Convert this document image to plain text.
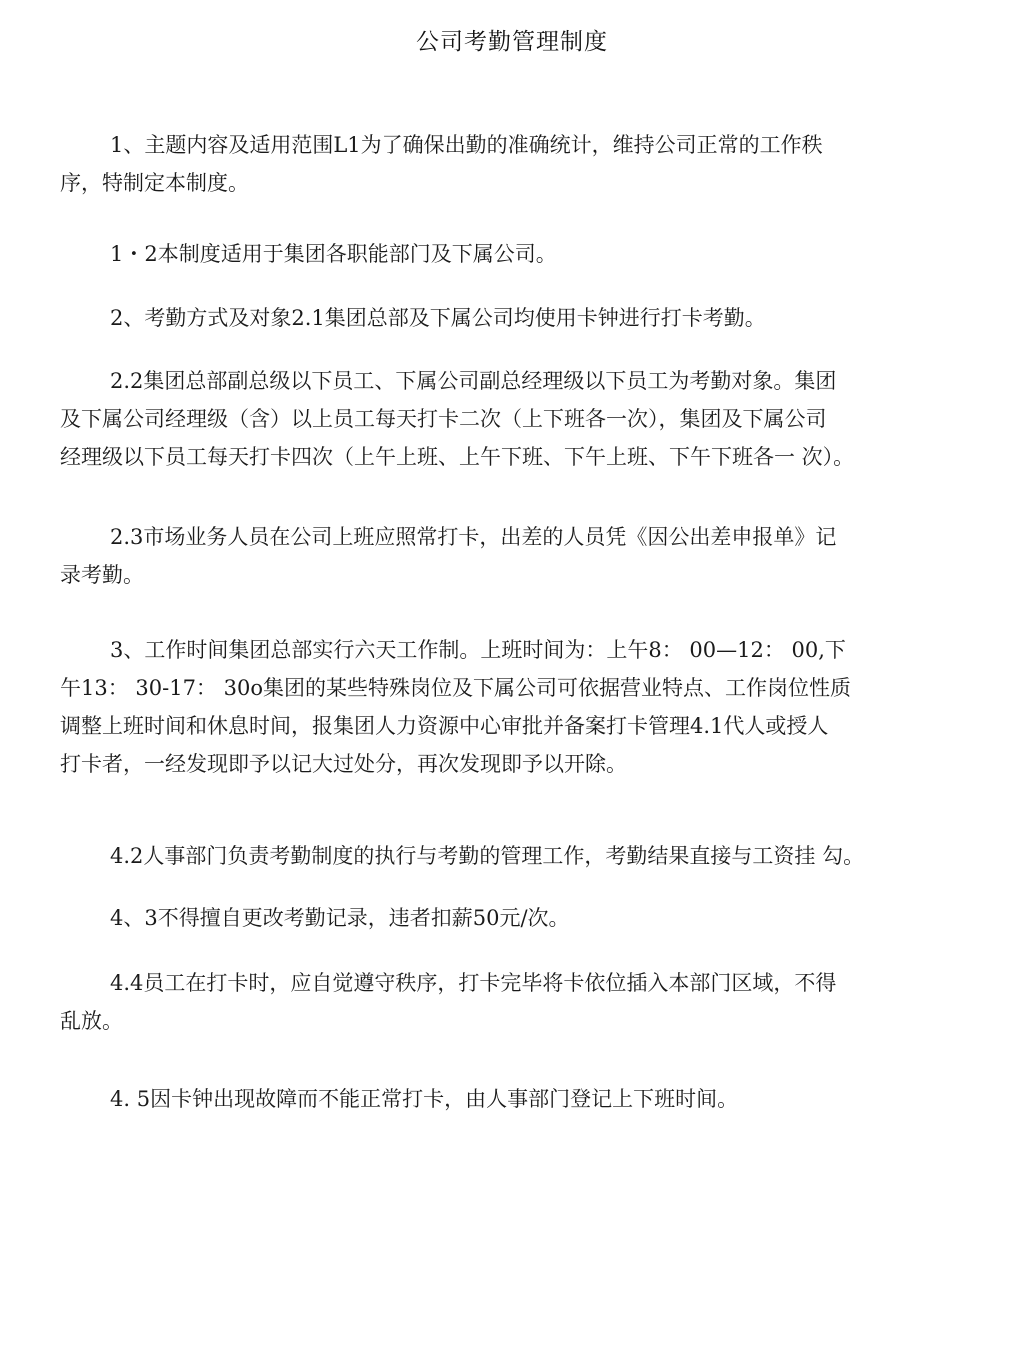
公司考勤管理制度
1、主题内容及适用范围L1为了确保出勤的准确统计，维持公司正常的工作秩
序，特制定本制度。
1・2本制度适用于集团各职能部门及下属公司。
2、考勤方式及对象2.1集团总部及下属公司均使用卡钟进行打卡考勤。
2.2集团总部副总级以下员工、下属公司副总经理级以下员工为考勤对象。集团
及下属公司经理级（含）以上员工每天打卡二次（上下班各一次），集团及下属公司
经理级以下员工每天打卡四次（上午上班、上午下班、下午上班、下午下班各一 次）。
2.3市场业务人员在公司上班应照常打卡，出差的人员凭《因公出差申报单》记
录考勤。
3、工作时间集团总部实行六天工作制。上班时间为：上午8： 00—12： 00,下
午13： 30-17： 30o集团的某些特殊岗位及下属公司可依据营业特点、工作岗位性质
调整上班时间和休息时间，报集团人力资源中心审批并备案打卡管理4.1代人或授人
打卡者，一经发现即予以记大过处分，再次发现即予以开除。
4.2人事部门负责考勤制度的执行与考勤的管理工作，考勤结果直接与工资挂 勾。
4、3不得擅自更改考勤记录，违者扣薪50元/次。
4.4员工在打卡时，应自觉遵守秩序，打卡完毕将卡依位插入本部门区域，不得
乱放。
4. 5因卡钟出现故障而不能正常打卡，由人事部门登记上下班时间。
